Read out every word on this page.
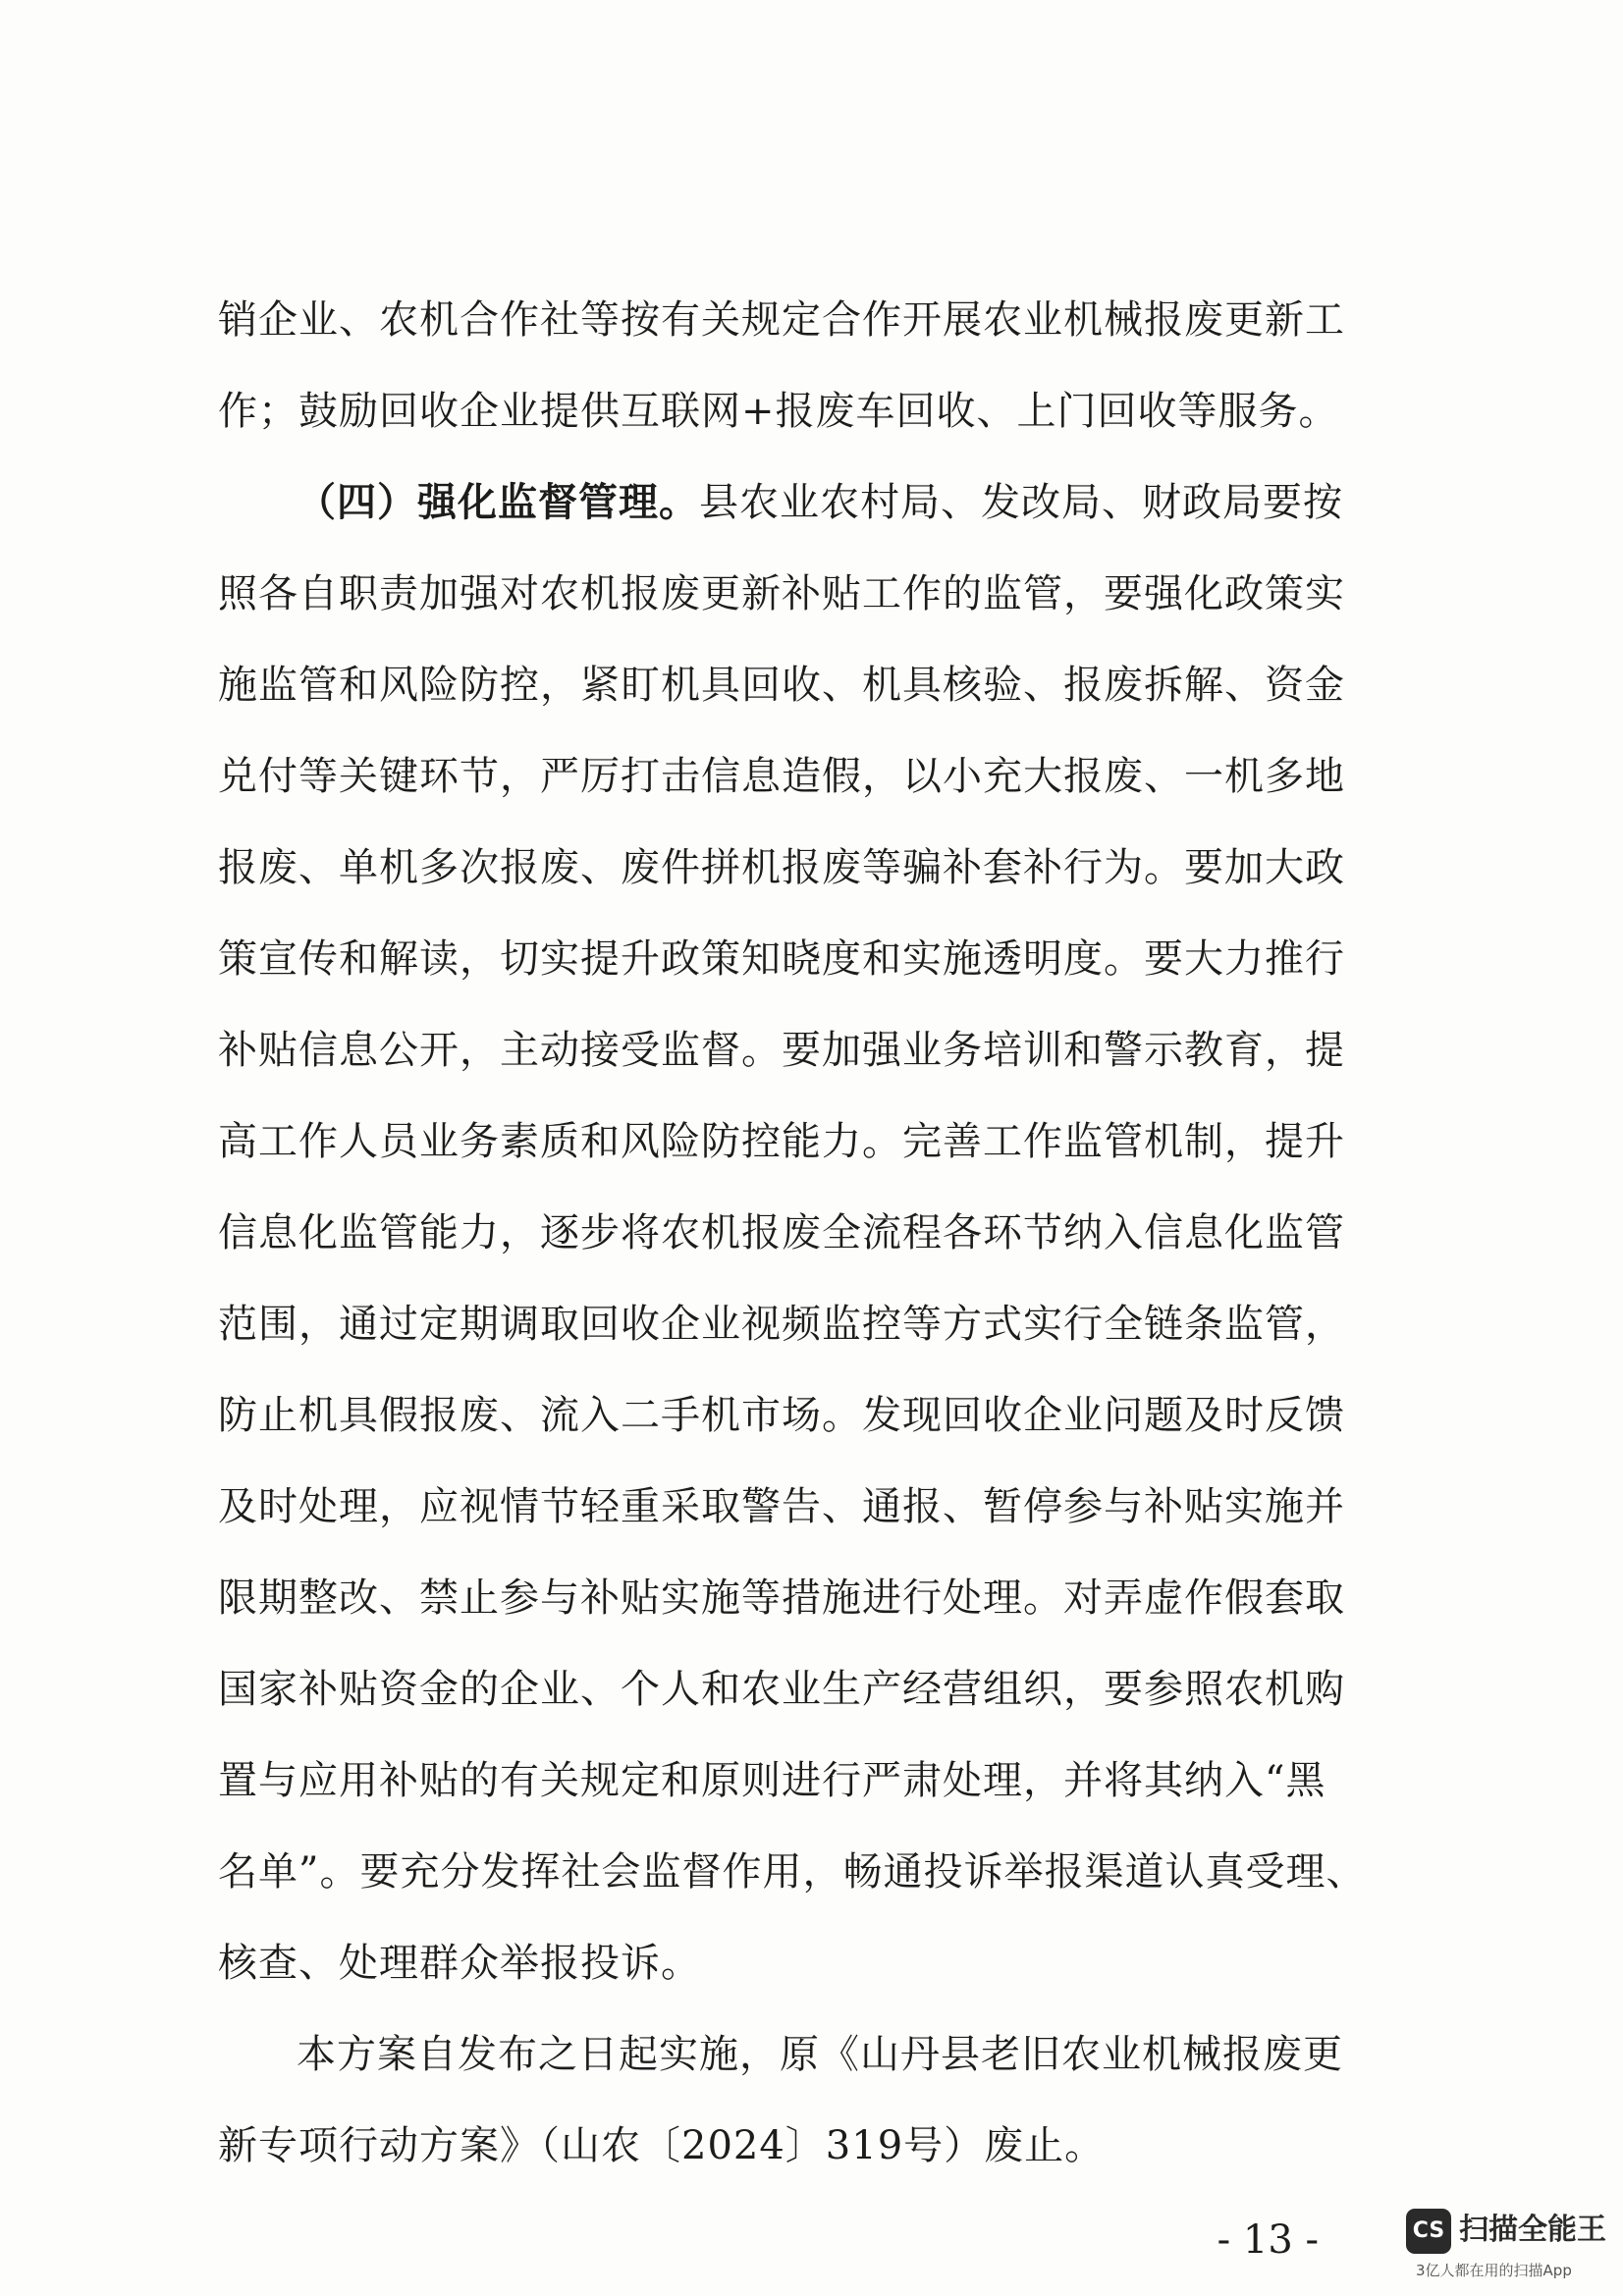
销企业、农机合作社等按有关规定合作开展农业机械报废更新工
作；鼓励回收企业提供互联网+报废车回收、上门回收等服务。
（四）强化监督管理。县农业农村局、发改局、财政局要按
照各自职责加强对农机报废更新补贴工作的监管，要强化政策实
施监管和风险防控，紧盯机具回收、机具核验、报废拆解、资金
兑付等关键环节，严厉打击信息造假，以小充大报废、一机多地
报废、单机多次报废、废件拼机报废等骗补套补行为。要加大政
策宣传和解读，切实提升政策知晓度和实施透明度。要大力推行
补贴信息公开，主动接受监督。要加强业务培训和警示教育，提
高工作人员业务素质和风险防控能力。完善工作监管机制，提升
信息化监管能力，逐步将农机报废全流程各环节纳入信息化监管
范围，通过定期调取回收企业视频监控等方式实行全链条监管，
防止机具假报废、流入二手机市场。发现回收企业问题及时反馈
及时处理，应视情节轻重采取警告、通报、暂停参与补贴实施并
限期整改、禁止参与补贴实施等措施进行处理。对弄虚作假套取
国家补贴资金的企业、个人和农业生产经营组织，要参照农机购
置与应用补贴的有关规定和原则进行严肃处理，并将其纳入“黑
名单”。要充分发挥社会监督作用，畅通投诉举报渠道认真受理、
核查、处理群众举报投诉。
本方案自发布之日起实施，原《山丹县老旧农业机械报废更
新专项行动方案》（山农〔2024〕319号）废止。
- 13 -	CS 扫描全能王
3亿人都在用的扫描App
